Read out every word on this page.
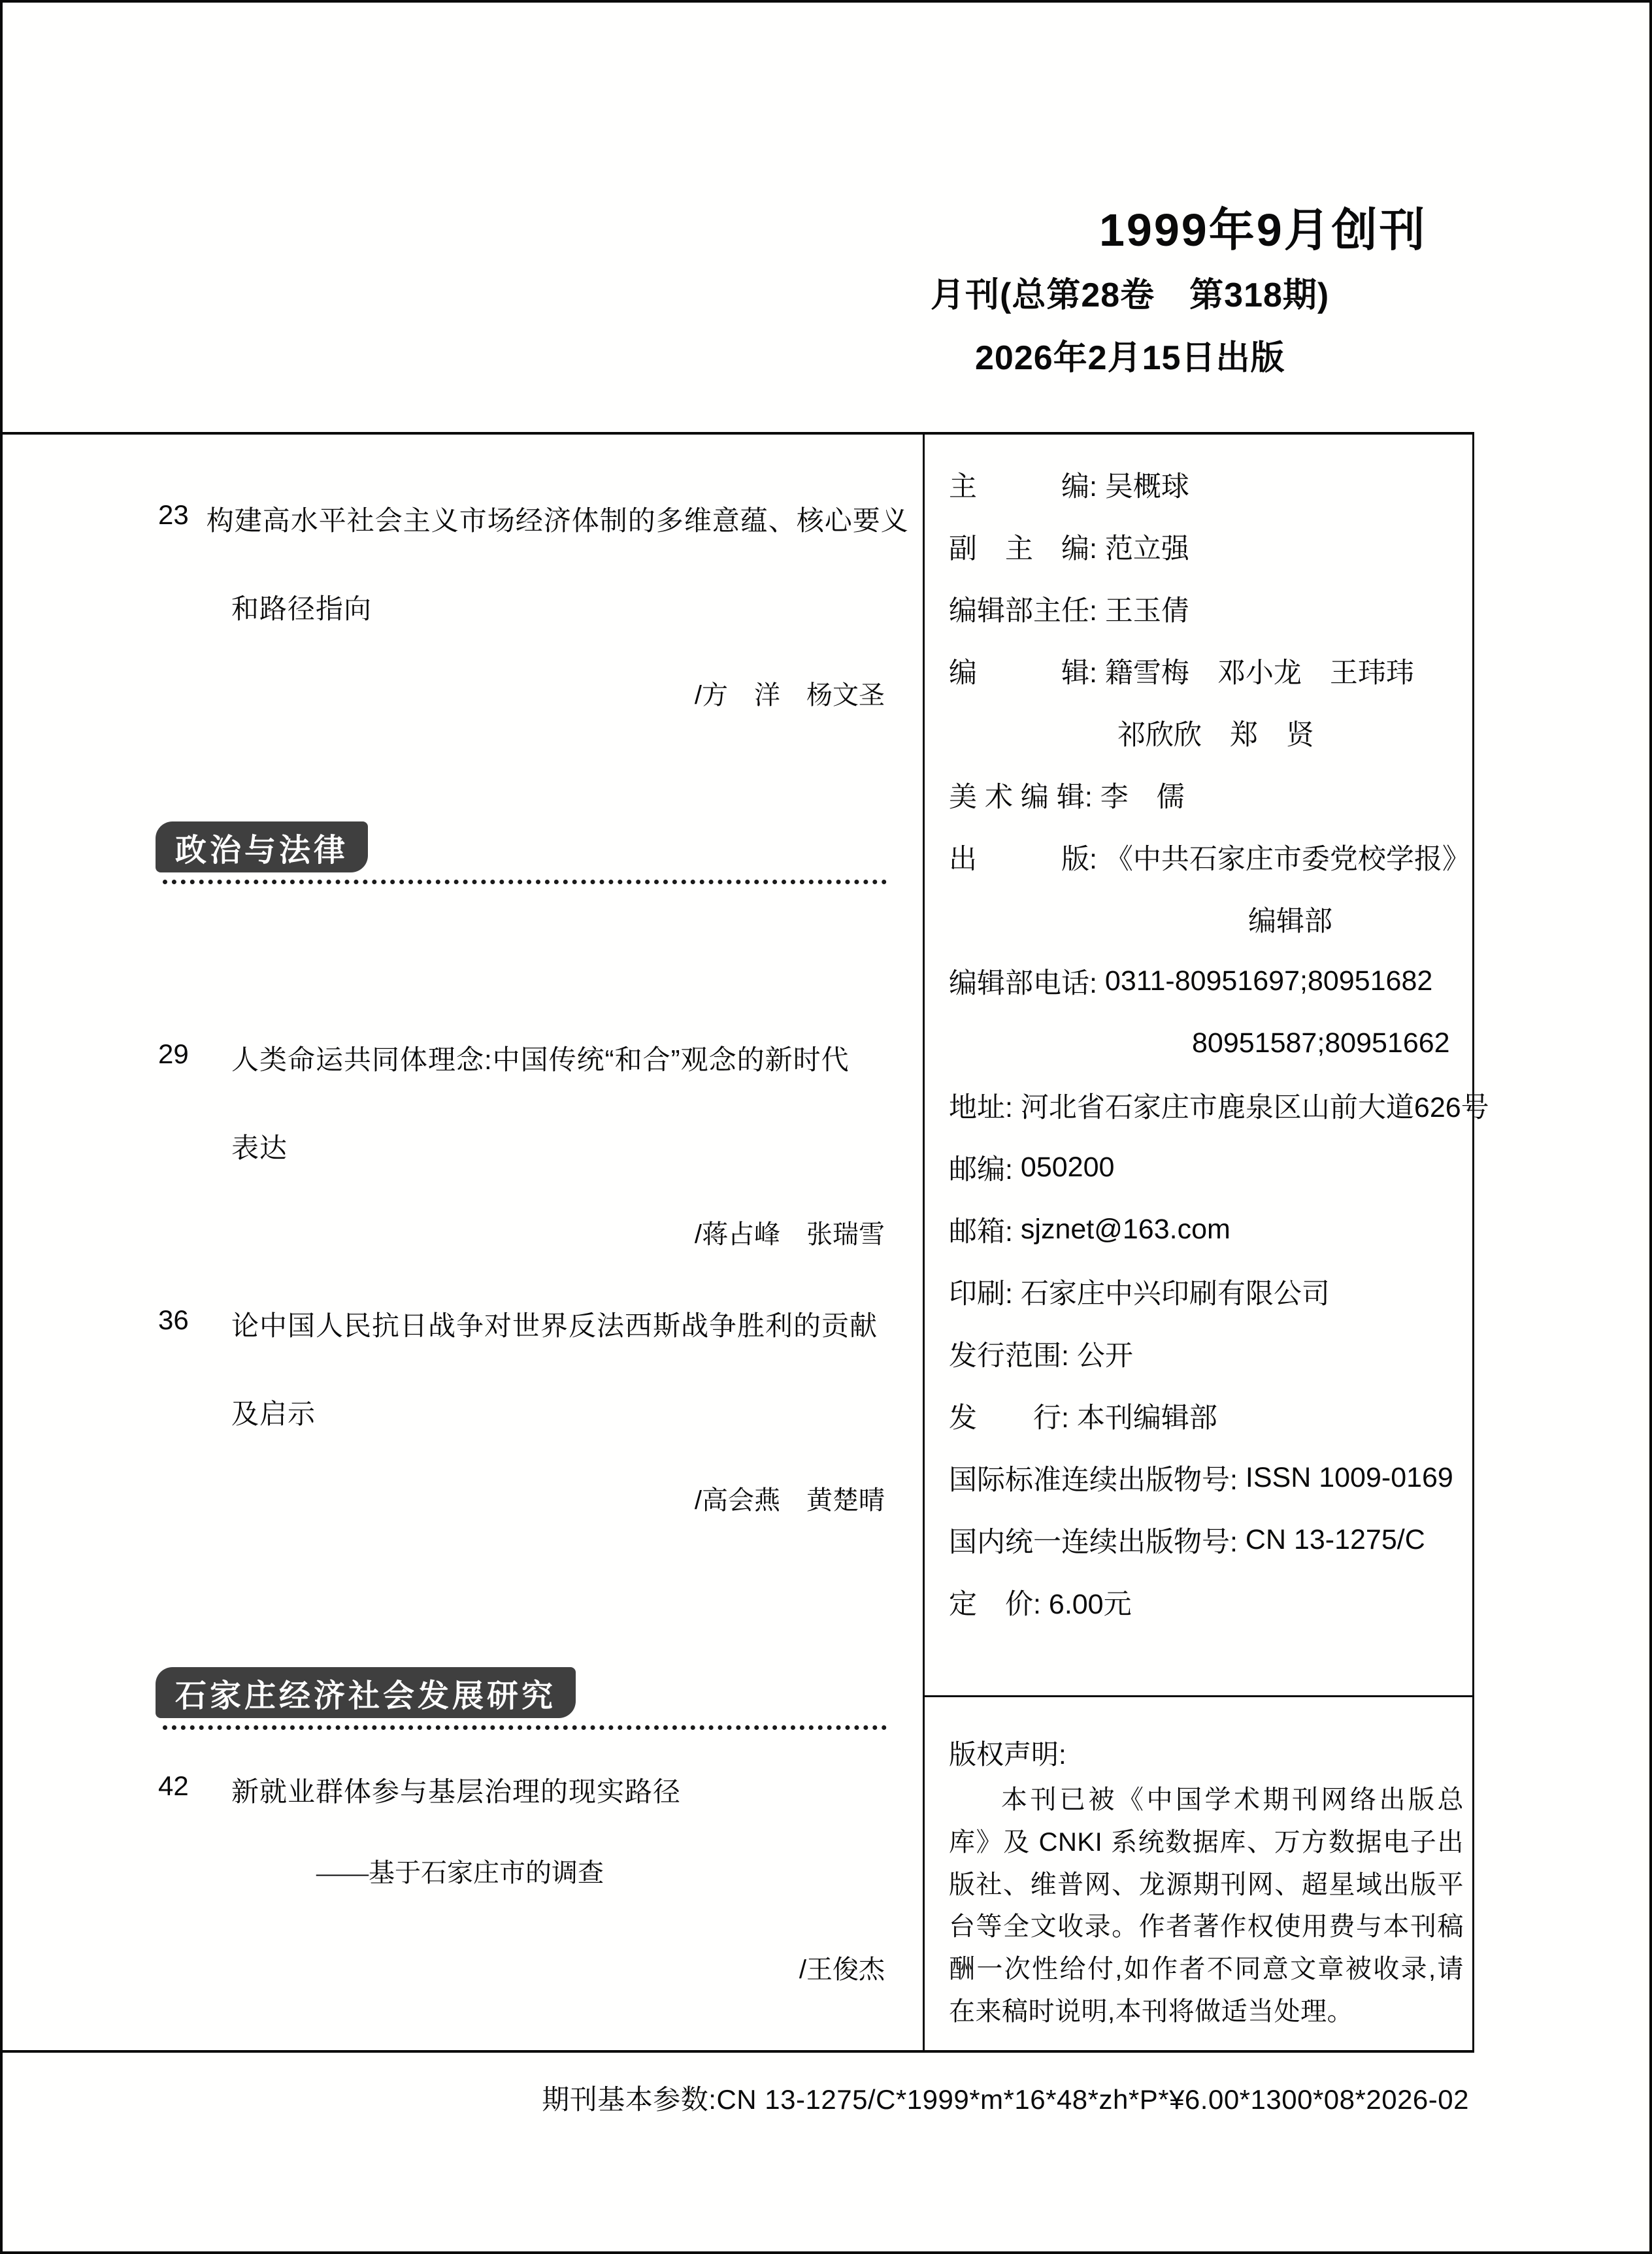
1999年9月创刊
月刊(总第28卷　第318期)
2026年2月15日出版
23 构建高水平社会主义市场经济体制的多维意蕴、核心要义
和路径指向
/方　洋　杨文圣
政治与法律
29	人类命运共同体理念:中国传统“和合”观念的新时代
表达
/蒋占峰　张瑞雪
36	论中国人民抗日战争对世界反法西斯战争胜利的贡献
及启示
/高会燕　黄楚晴
石家庄经济社会发展研究
42	新就业群体参与基层治理的现实路径
——基于石家庄市的调查
/王俊杰
主　　　编: 吴概球
副　主　编: 范立强
编辑部主任: 王玉倩
编　　　辑: 籍雪梅　邓小龙　王玮玮
祁欣欣　郑　贤
美 术 编 辑: 李　儒
出　　　版: 《中共石家庄市委党校学报》
编辑部
编辑部电话: 0311-80951697;80951682
80951587;80951662
地址: 河北省石家庄市鹿泉区山前大道626号
邮编: 050200
邮箱: sjznet@163.com
印刷: 石家庄中兴印刷有限公司
发行范围: 公开
发　　行: 本刊编辑部
国际标准连续出版物号: ISSN 1009-0169
国内统一连续出版物号: CN 13-1275/C
定　价: 6.00元
版权声明:
本刊已被《中国学术期刊网络出版总库》及 CNKI 系统数据库、万方数据电子出版社、维普网、龙源期刊网、超星域出版平台等全文收录。作者著作权使用费与本刊稿酬一次性给付,如作者不同意文章被收录,请在来稿时说明,本刊将做适当处理。
期刊基本参数:CN 13-1275/C*1999*m*16*48*zh*P*¥6.00*1300*08*2026-02
